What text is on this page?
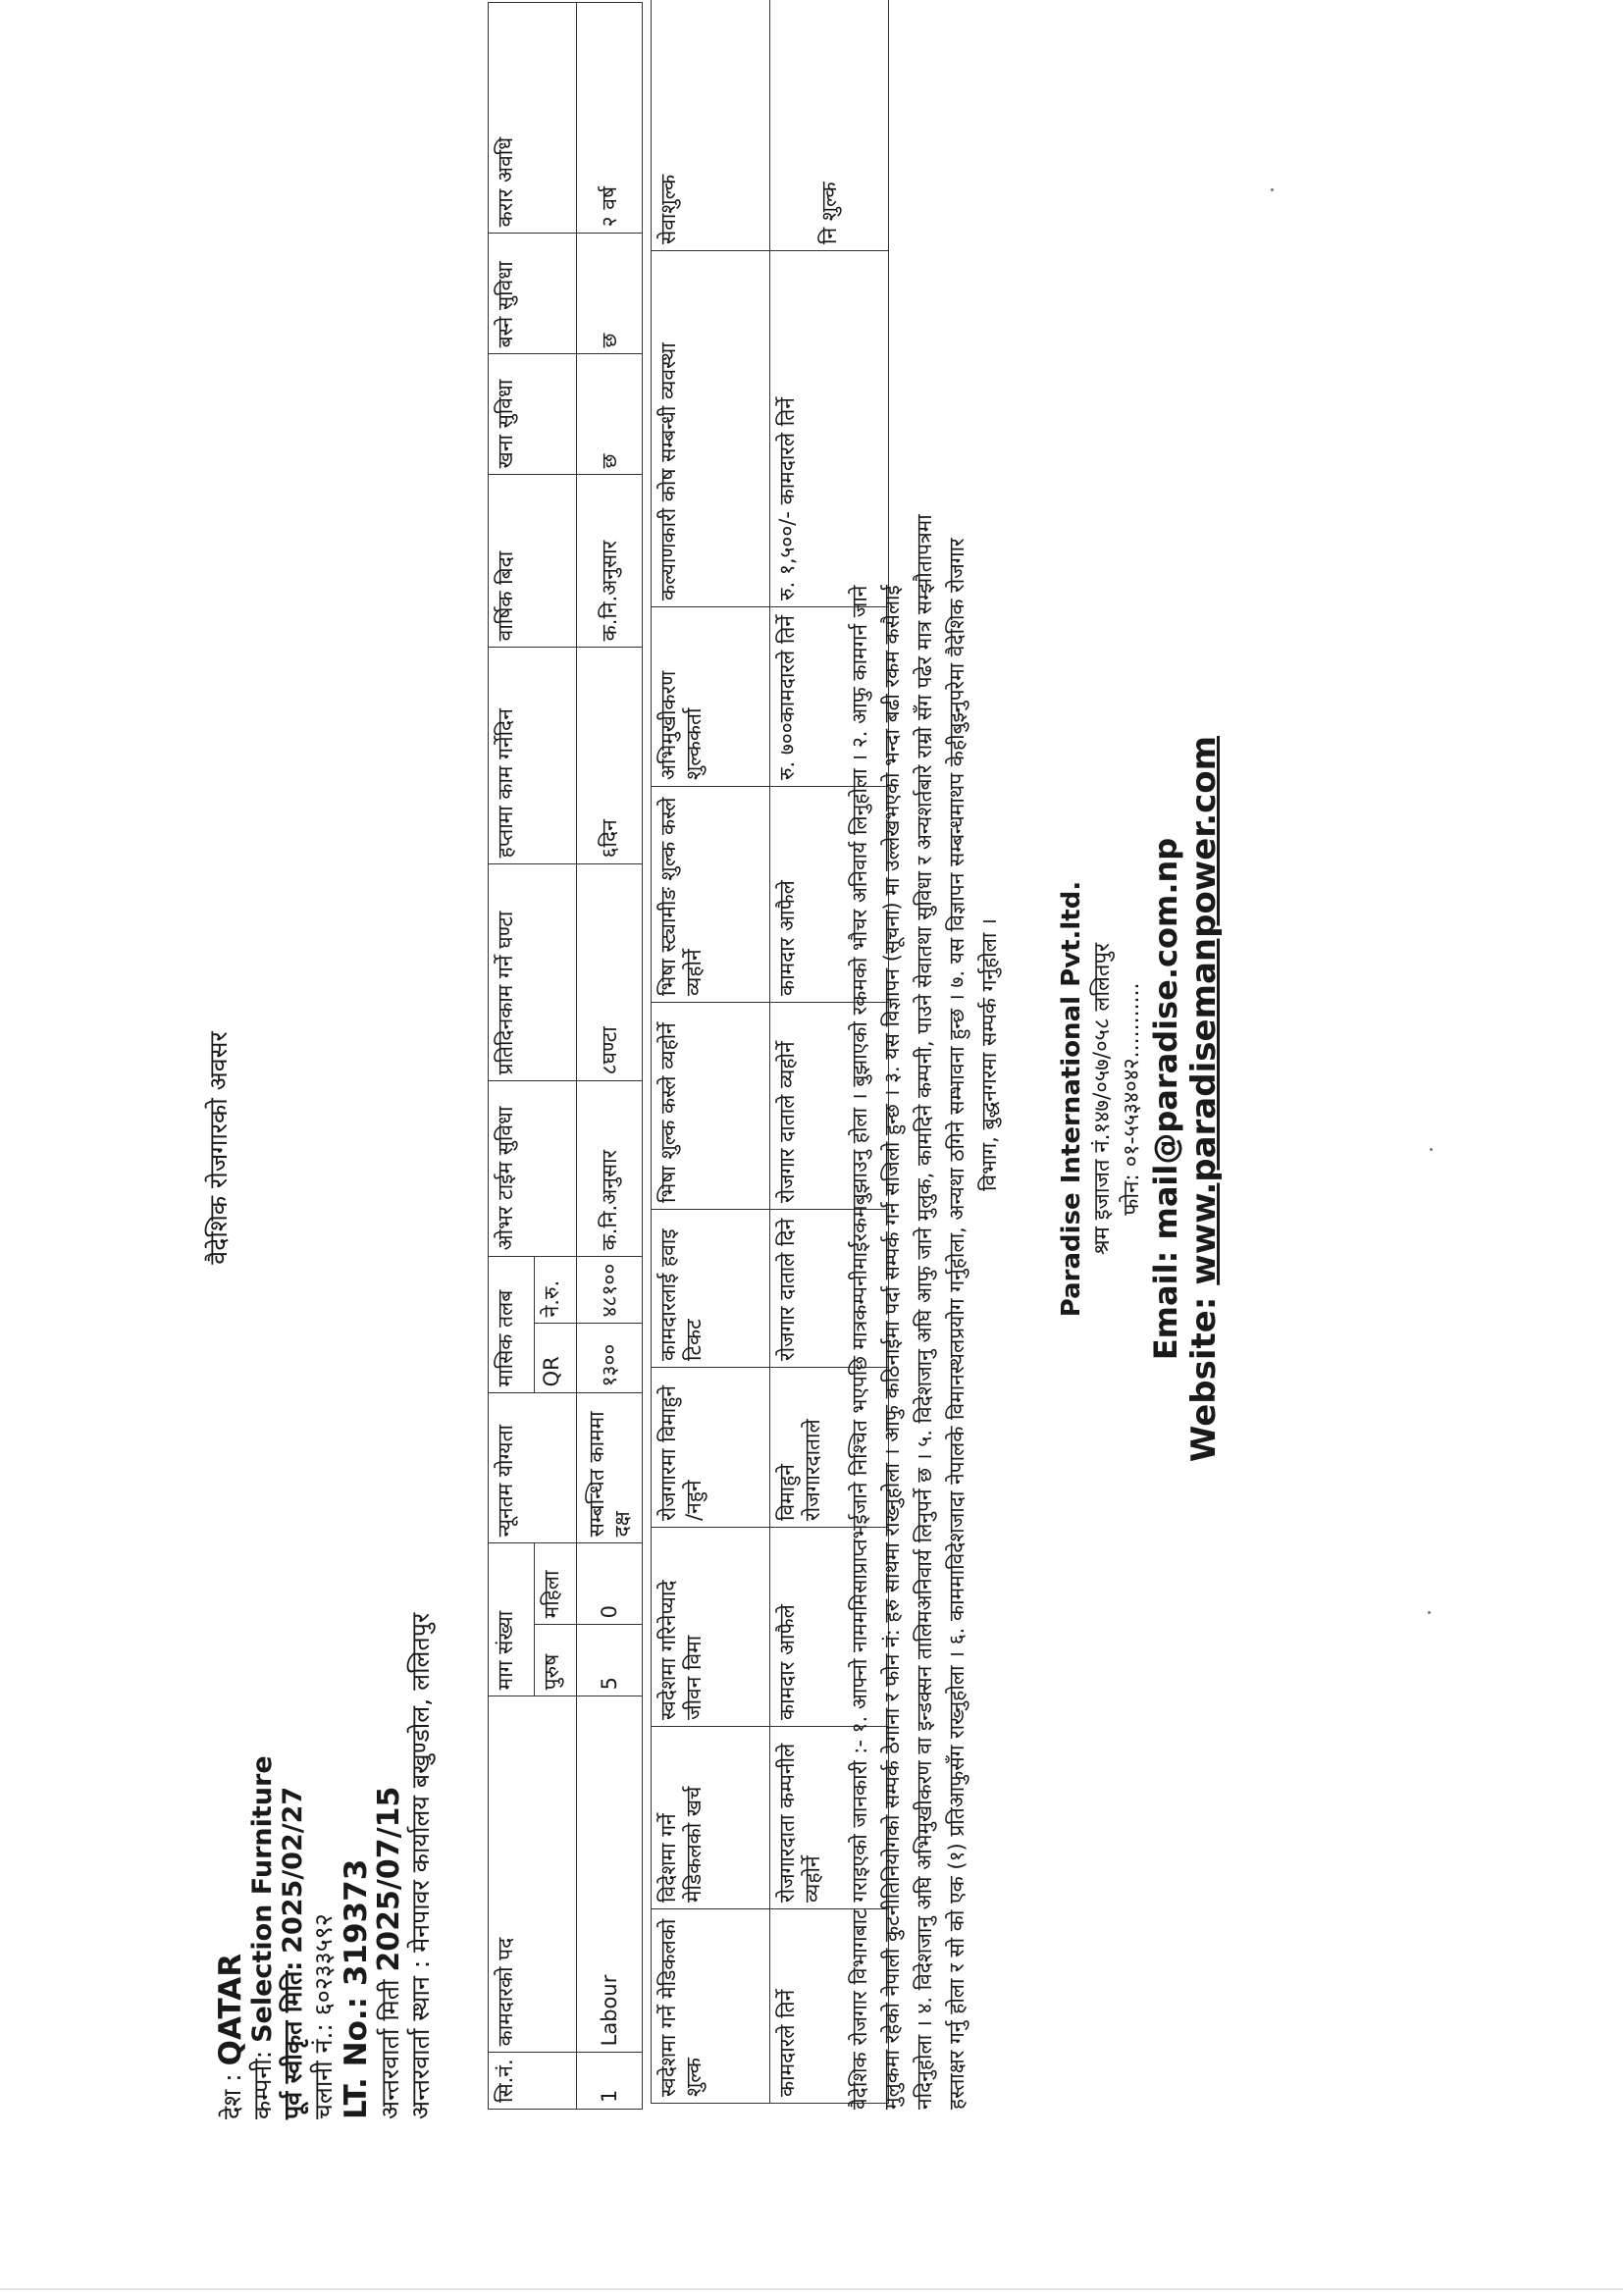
वैदेशिक रोजगारको अवसर
देश : QATAR
कम्पनी: Selection Furniture पूर्व स्वीकृत मिति: 2025/02/27
चलानी नं.: ६०२३३५९२
LT. No.: 319373
अन्तरवार्ता मिती 2025/07/15
अन्तरवार्ता स्थान : मेनपावर कार्यालय बखुण्डोल, ललितपुर
सि.नं.	कामदारको पद	माग संख्या		न्यूनतम योग्यता	मासिक तलब		ओभर टाईम सुविधा	प्रतिदिनकाम गर्ने घण्टा	हप्तामा काम गर्नेदिन	वार्षिक बिदा	खना सुविधा	बस्ने सुविधा	करार अवधि
		पुरुष	महिला		QR	ने.रु.							
1	Labour	5	0	सम्बन्धित काममा दक्ष	१३००	४८१००	क.नि.अनुसार	८घण्टा	६दिन	क.नि.अनुसार	छ	छ	२ वर्ष
स्वदेशमा गर्ने मेडिकलको शुल्क	विदेशमा गर्ने मेडिकलको खर्च	स्वदेशमा गरिनेप्यादे जीवन विमा	रोजगारमा विमाहुने /नहुने	कामदारलाई हवाइ टिकट	भिषा शुल्क कस्ले व्यहोर्ने	भिषा स्ट्यामीङ शुल्क कस्ले व्यहोर्ने	अभिमुखीकरण शुल्ककर्ता	कल्याणकारी कोष सम्बन्धी व्यवस्था	सेवाशुल्क
कामदारले तिर्ने	रोजगारदाता कम्पनीले व्यहोर्ने	कामदार आफैले	विमाहुने रोजगारदाताले	रोजगार दाताले दिने	रोजगार दाताले व्यहोर्ने	कामदार आफैले	रु. ७००कामदारले तिर्ने	रु. १,५००/- कामदारले तिर्ने	नि शुल्क
वैदेशिक रोजगार विभागबाट गराइएको जानकारी :- १. आफ्नो नामममिसाप्राप्तभईजाने निश्चित भएपछि मात्रकम्पनीमार्ईरकमबुझाउनु होला । बुझाएको रकमको भौचर अनिवार्य लिनुहोला । २. आफु कामगर्न जाने मुलुकमा रहेको नेपाली कुटनीतिनियोगको सम्पर्क ठेगाना र फोन नं: हरु साथमा राख्नुहोला । आफु कठिनाईमा पर्दा सम्पर्क गर्न सजिलो हुन्छ । ३. यस विज्ञापन (सूचना) मा उल्लेखभएको भन्दा बढी रकम कसैलाई नदिनुहोला । ४. विदेशजानु अघि अभिमुखीकरण वा इन्डक्सन तालिमअनिवार्य लिनुपर्ने छ । ५. विदेशजानु अघि आफु जाने मुलुक, कामदिने कम्पनी, पाउने सेवातथा सुविधा र अन्यशर्तबारे राम्रो सँग पढेर मात्र सम्झौतापत्रमा हस्ताक्षर गर्नु होला र सो को एक (१) प्रतिआफुसँग राख्नुहोला । ६. काममाविदेशजादा नेपालके विमानस्थलप्रयोग गर्नुहोला, अन्यथा ठगिने सम्भावना हुन्छ । ७. यस विज्ञापन सम्बन्धमाथप केहीबुझ्नुपरेमा वैदेशिक रोजगार विभाग, बुद्धनगरमा सम्पर्क गर्नुहोला । Paradise International Pvt.ltd. श्रम इजाजत नं.१४७/०५७/०५८ ललितपुर फोन: ०१-५५३४०४२...........
Email: mail@paradise.com.np
Website: www.paradisemanpower.com
